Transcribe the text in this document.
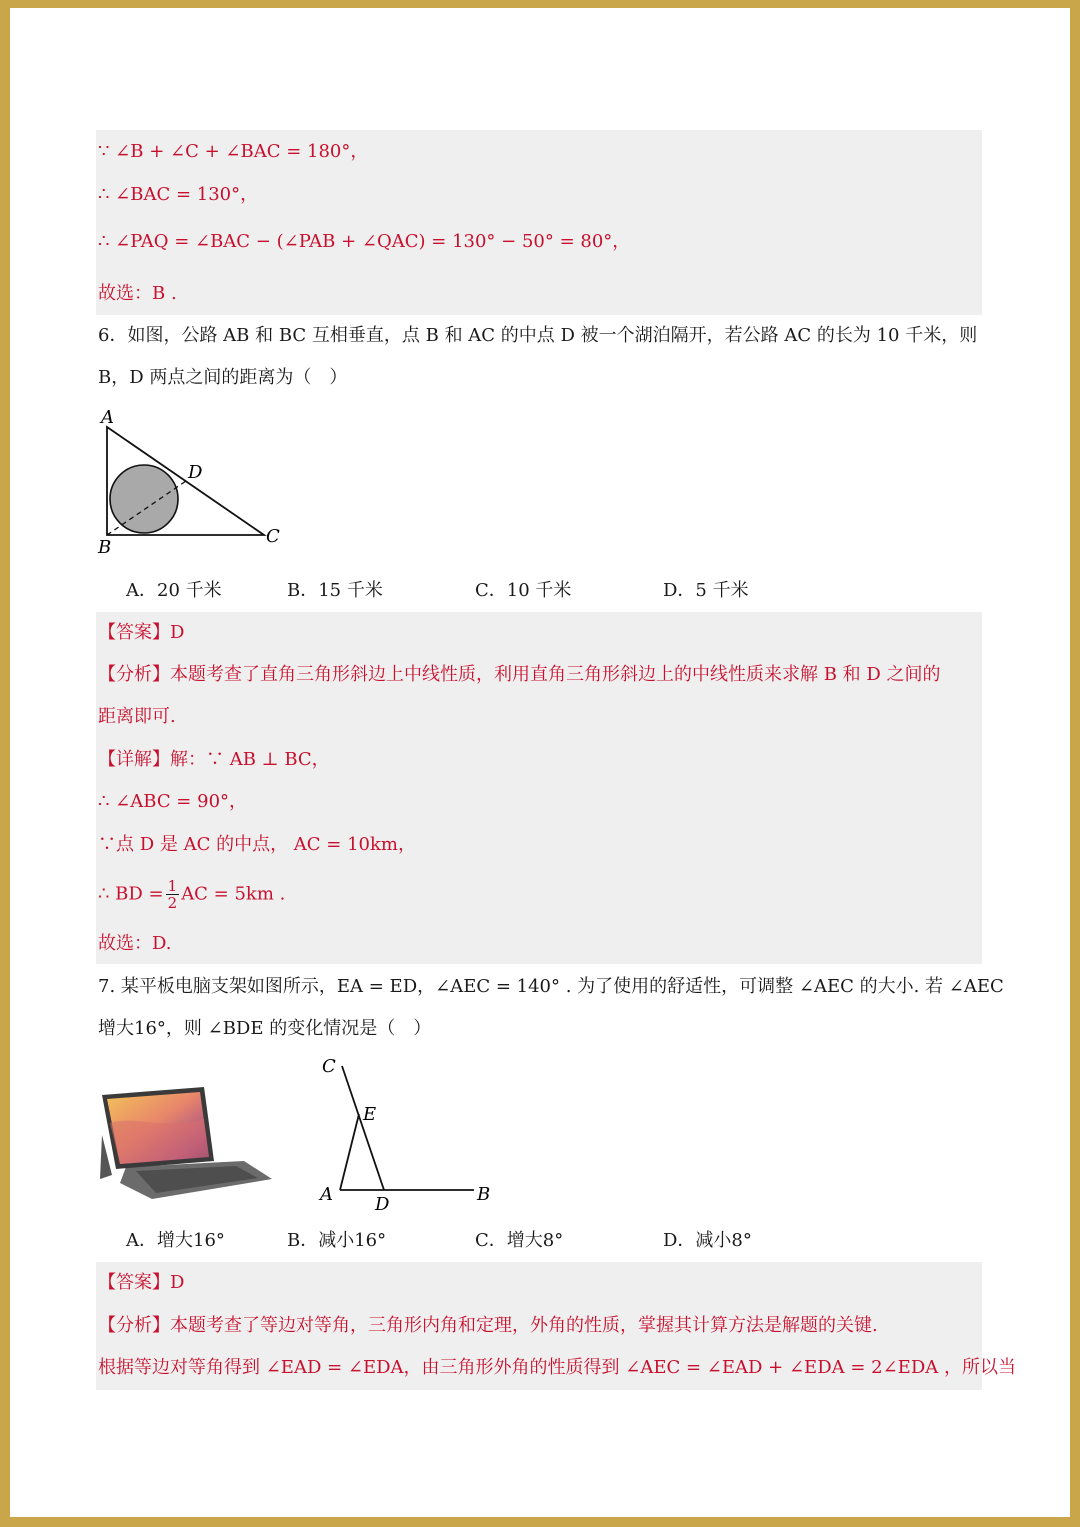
∵ ∠B + ∠C + ∠BAC = 180°，
∴ ∠BAC = 130°，
∴ ∠PAQ = ∠BAC − (∠PAB + ∠QAC) = 130° − 50° = 80°，
故选：B .
6．如图，公路 AB 和 BC 互相垂直，点 B 和 AC 的中点 D 被一个湖泊隔开，若公路 AC 的长为 10 千米，则
B，D 两点之间的距离为（　）
A
B
C
D
A．20 千米	B．15 千米	C．10 千米	D．5 千米
【答案】D
【分析】本题考查了直角三角形斜边上中线性质，利用直角三角形斜边上的中线性质来求解 B 和 D 之间的
距离即可.
【详解】解：∵ AB ⊥ BC，
∴ ∠ABC = 90°，
∵点 D 是 AC 的中点， AC = 10km，
∴ BD = $\frac{1}{2}$ AC = 5km .
故选：D.
7. 某平板电脑支架如图所示，EA = ED，∠AEC = 140° . 为了使用的舒适性，可调整 ∠AEC 的大小. 若 ∠AEC
增大16°，则 ∠BDE 的变化情况是（　）
C
E
A D	B
A．增大16°	B．减小16°	C．增大8°	D．减小8°
【答案】D
【分析】本题考查了等边对等角，三角形内角和定理，外角的性质，掌握其计算方法是解题的关键.
根据等边对等角得到 ∠EAD = ∠EDA，由三角形外角的性质得到 ∠AEC = ∠EAD + ∠EDA = 2∠EDA ，所以当
